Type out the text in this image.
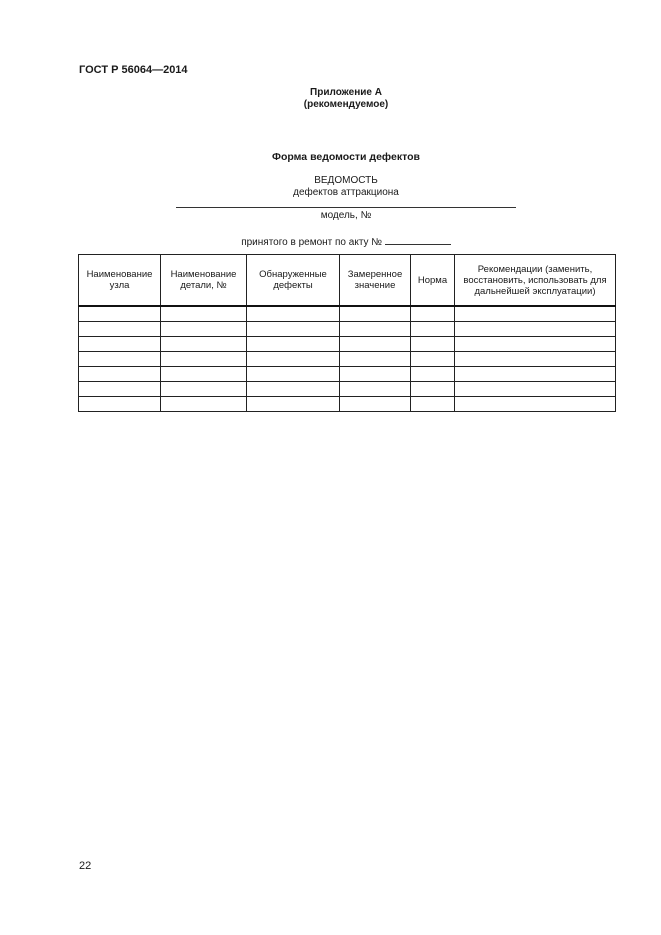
ГОСТ Р 56064—2014
Приложение А
(рекомендуемое)
Форма ведомости дефектов
ВЕДОМОСТЬ
дефектов аттракциона
модель, №
принятого в ремонт по акту №
Наименование узла	Наименование детали, №	Обнаруженные дефекты	Замеренное значение	Норма	Рекомендации (заменить, восстановить, использовать для дальнейшей эксплуатации)

22
